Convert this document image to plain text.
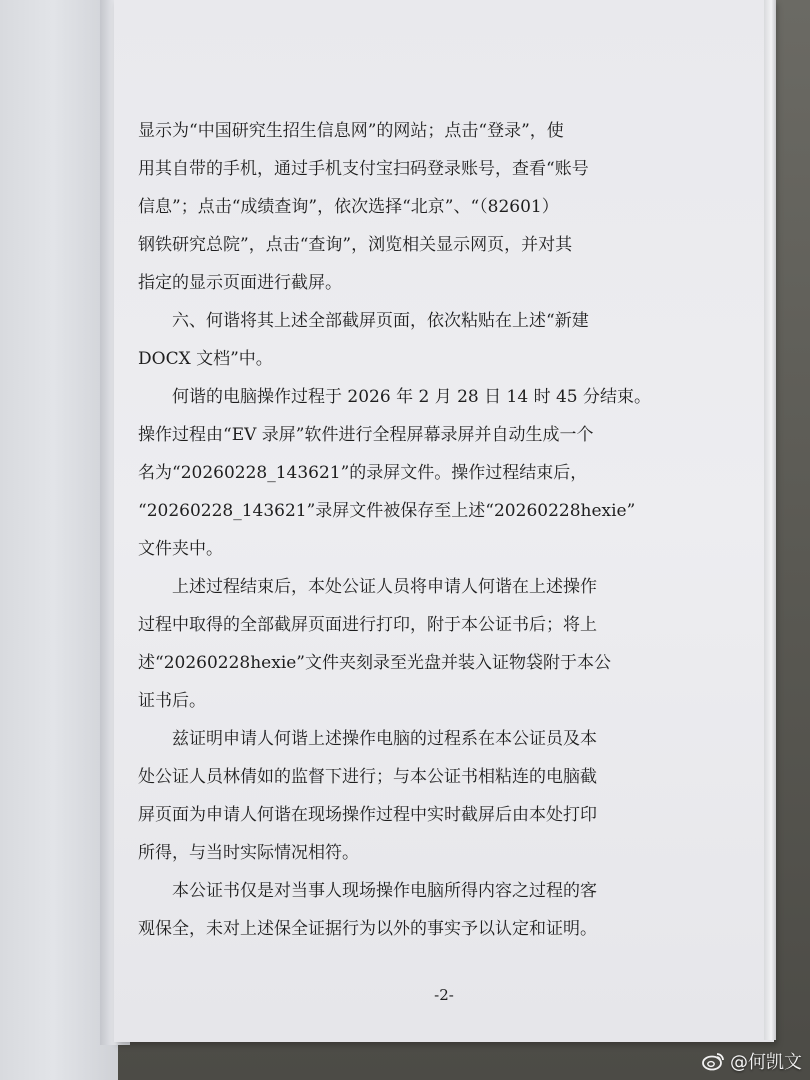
显示为“中国研究生招生信息网”的网站；点击“登录”，使
用其自带的手机，通过手机支付宝扫码登录账号，查看“账号
信息”；点击“成绩查询”，依次选择“北京”、“（82601）
钢铁研究总院”，点击“查询”，浏览相关显示网页，并对其
指定的显示页面进行截屏。
六、何谐将其上述全部截屏页面，依次粘贴在上述“新建
DOCX 文档”中。
何谐的电脑操作过程于 2026 年 2 月 28 日 14 时 45 分结束。
操作过程由“EV 录屏”软件进行全程屏幕录屏并自动生成一个
名为“20260228_143621”的录屏文件。操作过程结束后，
“20260228_143621”录屏文件被保存至上述“20260228hexie”
文件夹中。
上述过程结束后，本处公证人员将申请人何谐在上述操作
过程中取得的全部截屏页面进行打印，附于本公证书后；将上
述“20260228hexie”文件夹刻录至光盘并装入证物袋附于本公
证书后。
兹证明申请人何谐上述操作电脑的过程系在本公证员及本
处公证人员林倩如的监督下进行；与本公证书相粘连的电脑截
屏页面为申请人何谐在现场操作过程中实时截屏后由本处打印
所得，与当时实际情况相符。
本公证书仅是对当事人现场操作电脑所得内容之过程的客
观保全，未对上述保全证据行为以外的事实予以认定和证明。
-2-
@何凯文
